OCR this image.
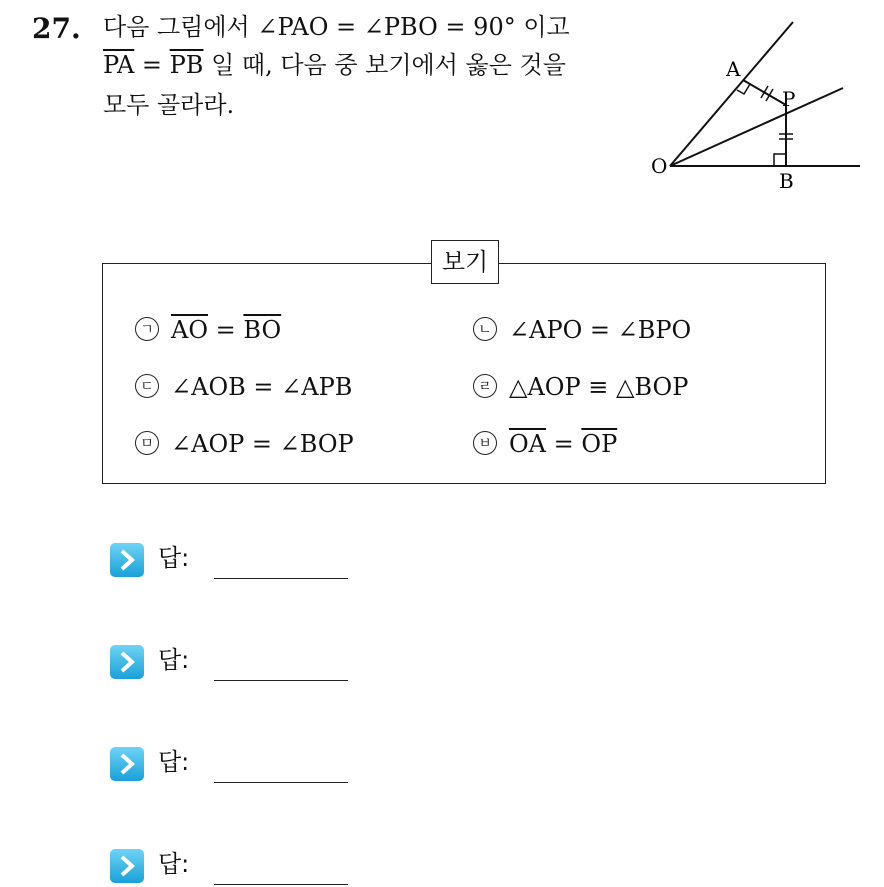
27. 다음 그림에서 ∠PAO = ∠PBO = 90° 이고
$\overline{PA} = \overline{PB}$ 일 때, 다음 중 보기에서 옳은 것을
모두 골라라.
O
A
P
B
보기
ㄱ $\overline{AO} = \overline{BO}$	ㄴ ∠APO = ∠BPO
ㄷ ∠AOB = ∠APB	ㄹ △AOP ≡ △BOP
ㅁ ∠AOP = ∠BOP	ㅂ $\overline{OA} = \overline{OP}$
답:
답:
답:
답:
